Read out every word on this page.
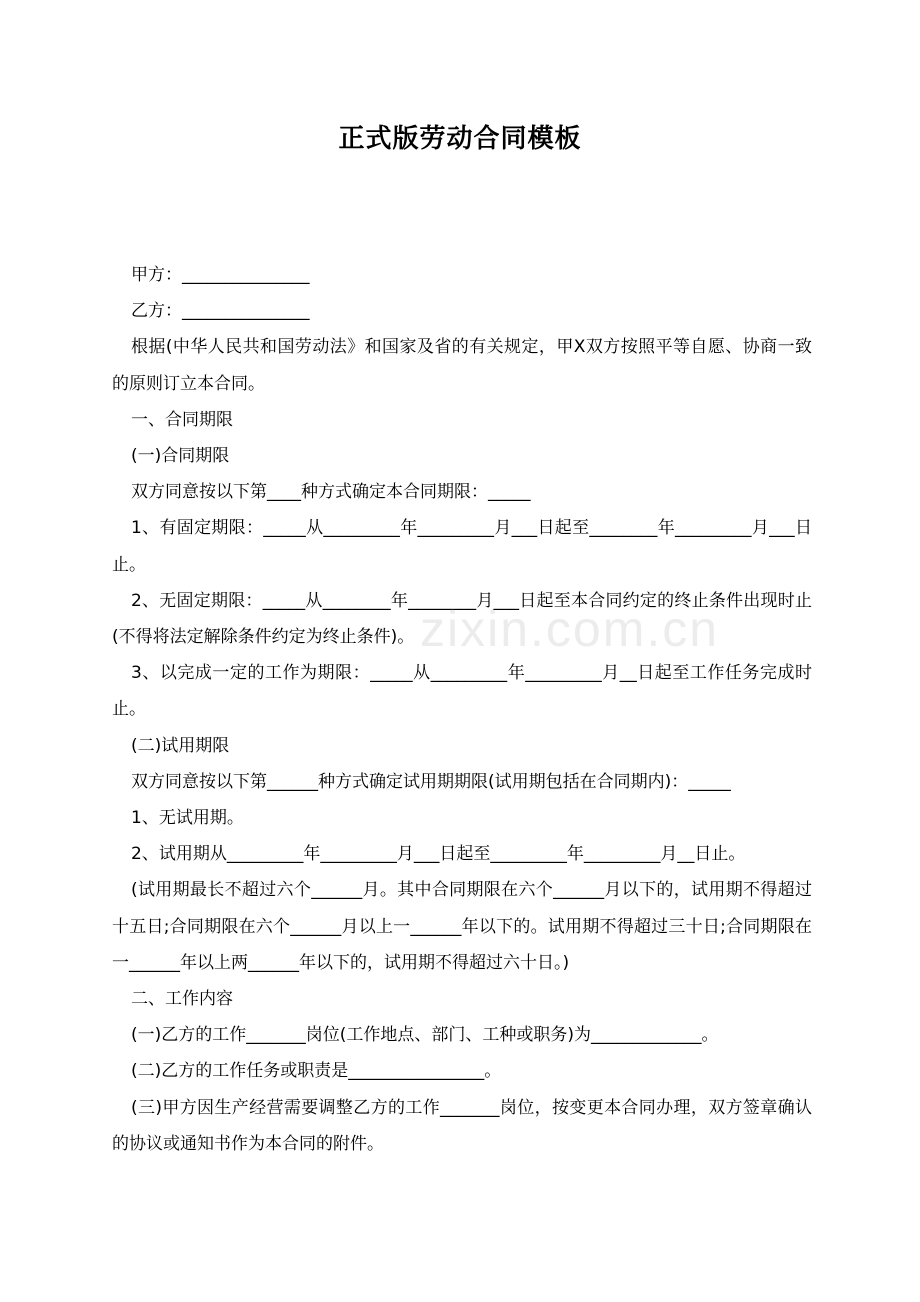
正式版劳动合同模板

甲方：_______________

乙方：_______________

根据(中华人民共和国劳动法》和国家及省的有关规定，甲X双方按照平等自愿、协商一致的原则订立本合同。

一、合同期限

(一)合同期限

双方同意按以下第____种方式确定本合同期限：_____

1、有固定期限：_____从_________年_________月___日起至________年_________月___日止。

2、无固定期限：_____从________年________月___日起至本合同约定的终止条件出现时止(不得将法定解除条件约定为终止条件)。

3、以完成一定的工作为期限：_____从_________年_________月__日起至工作任务完成时止。

(二)试用期限

双方同意按以下第______种方式确定试用期期限(试用期包括在合同期内)：_____

1、无试用期。

2、试用期从_________年_________月___日起至_________年_________月__日止。

(试用期最长不超过六个______月。其中合同期限在六个______月以下的，试用期不得超过十五日;合同期限在六个______月以上一______年以下的。试用期不得超过三十日;合同期限在一______年以上两______年以下的，试用期不得超过六十日。)

二、工作内容

(一)乙方的工作_______岗位(工作地点、部门、工种或职务)为_____________。

(二)乙方的工作任务或职责是________________。

(三)甲方因生产经营需要调整乙方的工作_______岗位，按变更本合同办理，双方签章确认的协议或通知书作为本合同的附件。

zixin.com.cn
